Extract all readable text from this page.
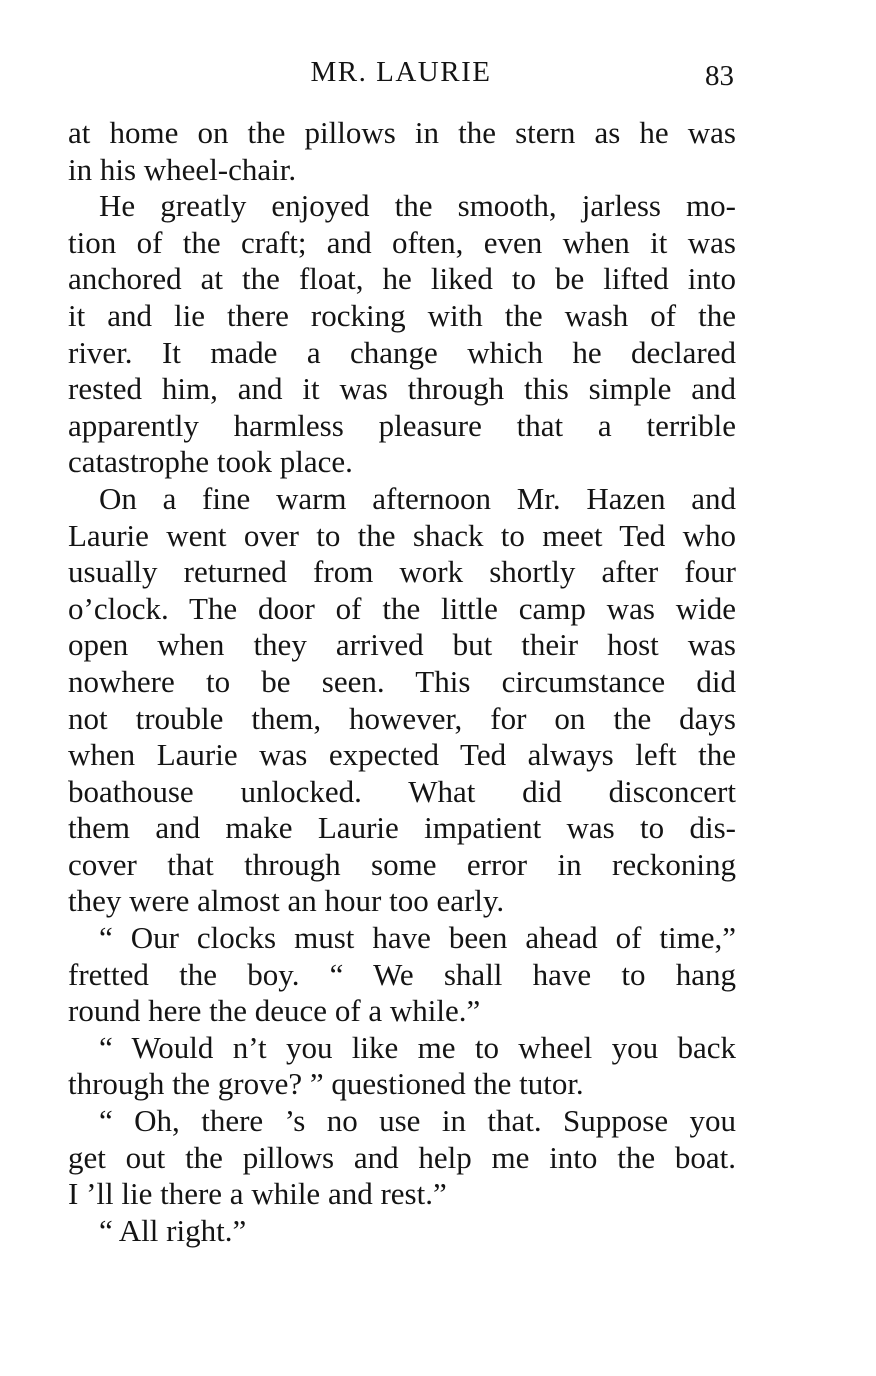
MR. LAURIE	83
at home on the pillows in the stern as he was
in his wheel-chair.
He greatly enjoyed the smooth, jarless mo-
tion of the craft; and often, even when it was
anchored at the float, he liked to be lifted into
it and lie there rocking with the wash of the
river. It made a change which he declared
rested him, and it was through this simple and
apparently harmless pleasure that a terrible
catastrophe took place.
On a fine warm afternoon Mr. Hazen and
Laurie went over to the shack to meet Ted who
usually returned from work shortly after four
o’clock. The door of the little camp was wide
open when they arrived but their host was
nowhere to be seen. This circumstance did
not trouble them, however, for on the days
when Laurie was expected Ted always left the
boathouse unlocked. What did disconcert
them and make Laurie impatient was to dis-
cover that through some error in reckoning
they were almost an hour too early.
“ Our clocks must have been ahead of time,”
fretted the boy. “ We shall have to hang
round here the deuce of a while.”
“ Would n’t you like me to wheel you back
through the grove? ” questioned the tutor.
“ Oh, there ’s no use in that. Suppose you
get out the pillows and help me into the boat.
I ’ll lie there a while and rest.”
“ All right.”
